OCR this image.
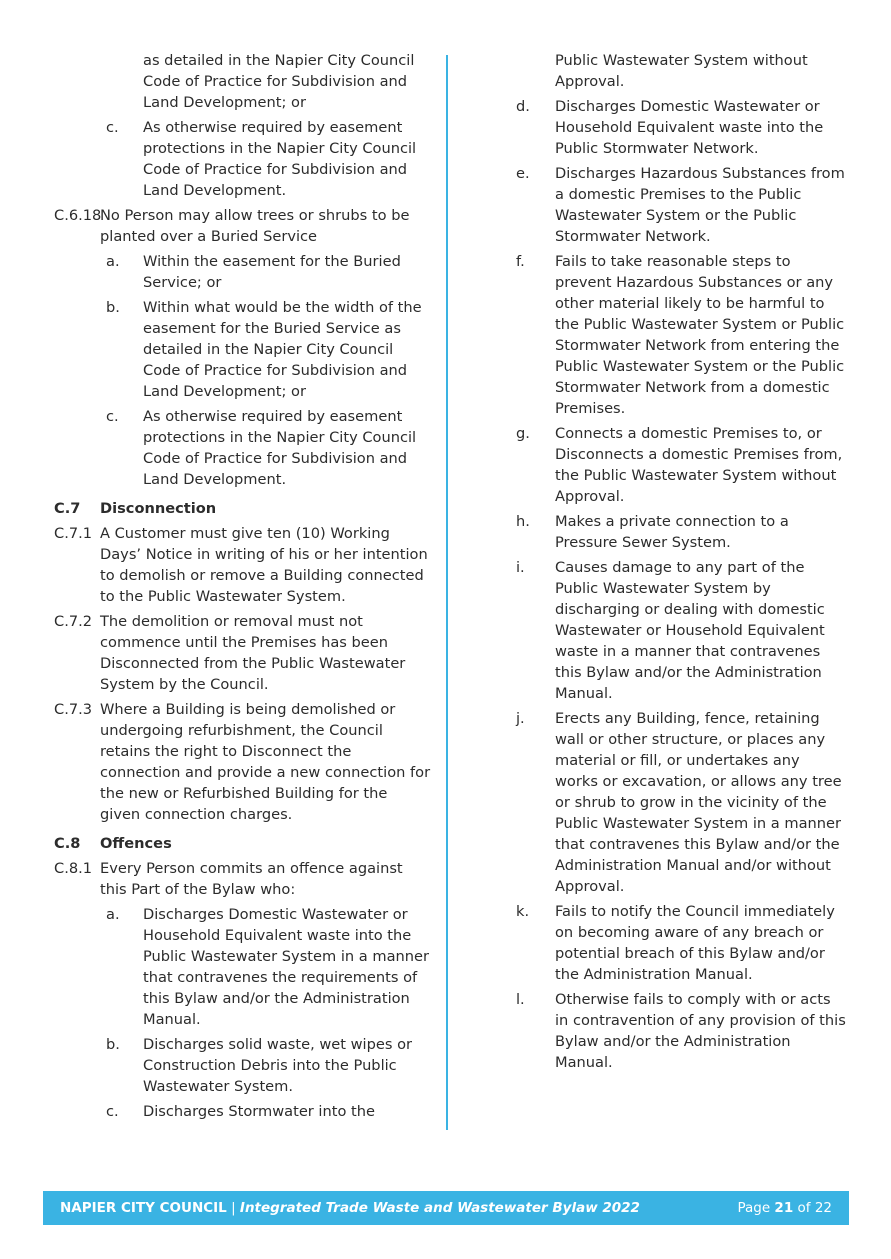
as detailed in the Napier City Council Code of Practice for Subdivision and Land Development; or
c. As otherwise required by easement protections in the Napier City Council Code of Practice for Subdivision and Land Development.
C.6.18
No Person may allow trees or shrubs to be planted over a Buried Service
a. Within the easement for the Buried Service; or
b. Within what would be the width of the easement for the Buried Service as detailed in the Napier City Council Code of Practice for Subdivision and Land Development; or
c. As otherwise required by easement protections in the Napier City Council Code of Practice for Subdivision and Land Development.
C.7 Disconnection
C.7.1 A Customer must give ten (10) Working Days’ Notice in writing of his or her intention to demolish or remove a Building connected to the Public Wastewater System.
C.7.2 The demolition or removal must not commence until the Premises has been Disconnected from the Public Wastewater System by the Council.
C.7.3 Where a Building is being demolished or undergoing refurbishment, the Council retains the right to Disconnect the connection and provide a new connection for the new or Refurbished Building for the given connection charges.
C.8 Offences
C.8.1 Every Person commits an offence against this Part of the Bylaw who:
a. Discharges Domestic Wastewater or Household Equivalent waste into the Public Wastewater System in a manner that contravenes the requirements of this Bylaw and/or the Administration Manual.
b. Discharges solid waste, wet wipes or Construction Debris into the Public Wastewater System.
c. Discharges Stormwater into the
Public Wastewater System without Approval.
d. Discharges Domestic Wastewater or Household Equivalent waste into the Public Stormwater Network.
e. Discharges Hazardous Substances from a domestic Premises to the Public Wastewater System or the Public Stormwater Network.
f. Fails to take reasonable steps to prevent Hazardous Substances or any other material likely to be harmful to the Public Wastewater System or Public Stormwater Network from entering the Public Wastewater System or the Public Stormwater Network from a domestic Premises.
g. Connects a domestic Premises to, or Disconnects a domestic Premises from, the Public Wastewater System without Approval.
h. Makes a private connection to a Pressure Sewer System.
i. Causes damage to any part of the Public Wastewater System by discharging or dealing with domestic Wastewater or Household Equivalent waste in a manner that contravenes this Bylaw and/or the Administration Manual.
j. Erects any Building, fence, retaining wall or other structure, or places any material or fill, or undertakes any works or excavation, or allows any tree or shrub to grow in the vicinity of the Public Wastewater System in a manner that contravenes this Bylaw and/or the Administration Manual and/or without Approval.
k. Fails to notify the Council immediately on becoming aware of any breach or potential breach of this Bylaw and/or the Administration Manual.
l. Otherwise fails to comply with or acts in contravention of any provision of this Bylaw and/or the Administration Manual.
NAPIER CITY COUNCIL | Integrated Trade Waste and Wastewater Bylaw 2022	Page 21 of 22
